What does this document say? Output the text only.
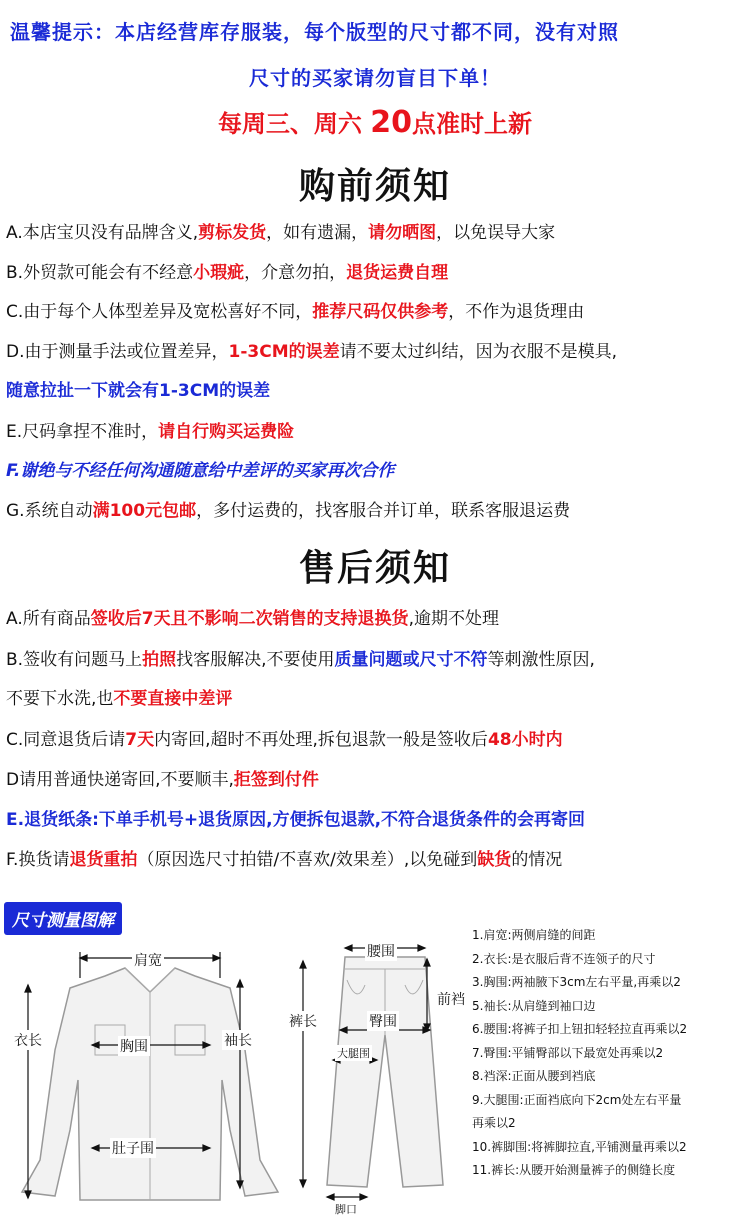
温馨提示：本店经营库存服装，每个版型的尺寸都不同，没有对照
尺寸的买家请勿盲目下单！
每周三、周六 20点准时上新
购前须知
A.本店宝贝没有品牌含义,剪标发货，如有遗漏，请勿晒图，以免误导大家
B.外贸款可能会有不经意小瑕疵，介意勿拍，退货运费自理
C.由于每个人体型差异及宽松喜好不同，推荐尺码仅供参考，不作为退货理由
D.由于测量手法或位置差异，1-3CM的误差请不要太过纠结，因为衣服不是模具,
随意拉扯一下就会有1-3CM的误差
E.尺码拿捏不准时，请自行购买运费险
F.谢绝与不经任何沟通随意给中差评的买家再次合作
G.系统自动满100元包邮，多付运费的，找客服合并订单，联系客服退运费
售后须知
A.所有商品签收后7天且不影响二次销售的支持退换货,逾期不处理
B.签收有问题马上拍照找客服解决,不要使用质量问题或尺寸不符等刺激性原因,
不要下水洗,也不要直接中差评
C.同意退货后请7天内寄回,超时不再处理,拆包退款一般是签收后48小时内
D请用普通快递寄回,不要顺丰,拒签到付件
E.退货纸条:下单手机号+退货原因,方便拆包退款,不符合退货条件的会再寄回
F.换货请退货重拍（原因选尺寸拍错/不喜欢/效果差）,以免碰到缺货的情况
尺寸测量图解
肩宽
衣长	胸围	袖长
肚子围
腰围
前裆
裤长	臀围
大腿围
脚口
1.肩宽:两侧肩缝的间距
2.衣长:是衣服后背不连领子的尺寸
3.胸围:两袖腋下3cm左右平量,再乘以2
5.袖长:从肩缝到袖口边
6.腰围:将裤子扣上钮扣轻轻拉直再乘以2
7.臀围:平铺臀部以下最宽处再乘以2
8.裆深:正面从腰到裆底
9.大腿围:正面裆底向下2cm处左右平量
再乘以2
10.裤脚围:将裤脚拉直,平铺测量再乘以2
11.裤长:从腰开始测量裤子的侧缝长度
